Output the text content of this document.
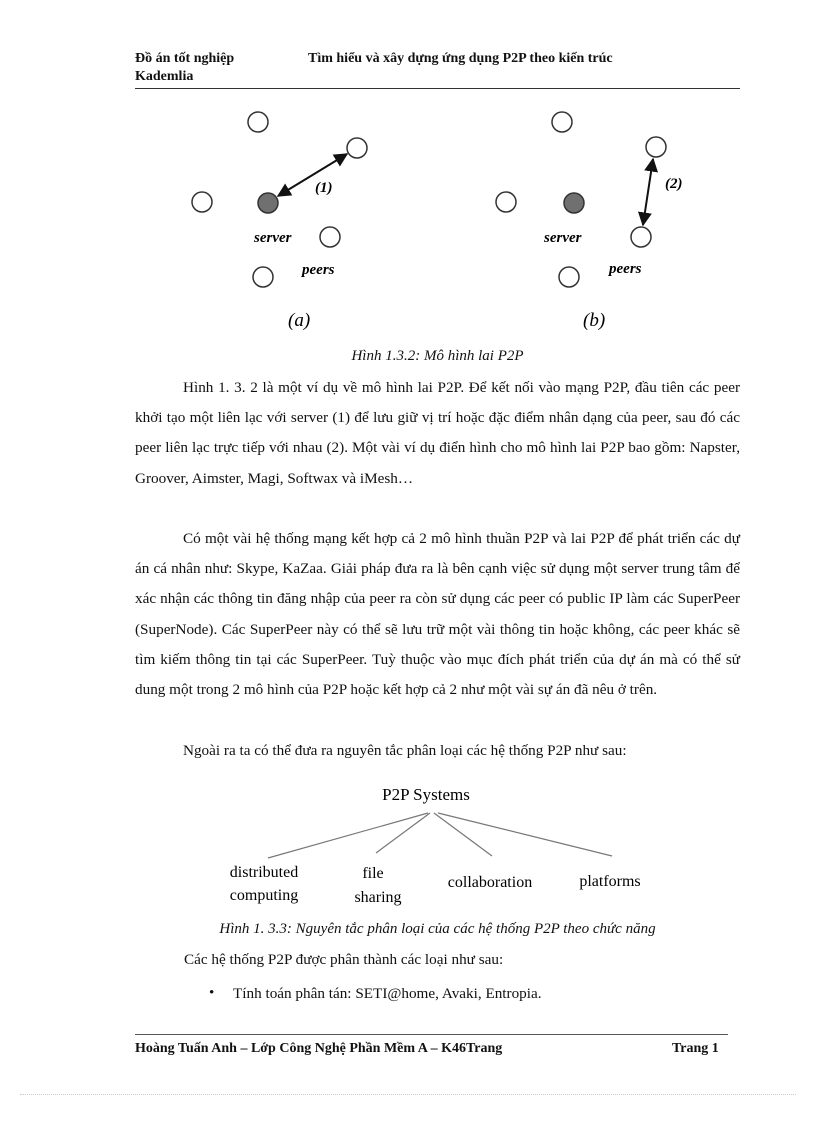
Đồ án tốt nghiệp	Tìm hiểu và xây dựng ứng dụng P2P theo kiến trúc
Kademlia
(1)
server
peers
(a)
(2)
server
peers
(b)
Hình 1.3.2: Mô hình lai P2P
Hình 1. 3. 2 là một ví dụ về mô hình lai P2P. Để kết nối vào mạng P2P, đầu tiên các peer khởi tạo một liên lạc với server (1) để lưu giữ vị trí hoặc đặc điểm nhân dạng của peer, sau đó các peer liên lạc trực tiếp với nhau (2). Một vài ví dụ điển hình cho mô hình lai P2P bao gồm: Napster, Groover, Aimster, Magi, Softwax và iMesh…
Có một vài hệ thống mạng kết hợp cả 2 mô hình thuần P2P và lai P2P để phát triển các dự án cá nhân như: Skype, KaZaa. Giải pháp đưa ra là bên cạnh việc sử dụng một server trung tâm để xác nhận các thông tin đăng nhập của peer ra còn sử dụng các peer có public IP làm các SuperPeer (SuperNode). Các SuperPeer này có thể sẽ lưu trữ một vài thông tin hoặc không, các peer khác sẽ tìm kiếm thông tin tại các SuperPeer. Tuỳ thuộc vào mục đích phát triển của dự án mà có thể sử dung một trong 2 mô hình của P2P hoặc kết hợp cả 2 như một vài sự án đã nêu ở trên.
Ngoài ra ta có thể đưa ra nguyên tắc phân loại các hệ thống P2P như sau:
P2P Systems
distributed
computing
file
sharing
collaboration	platforms
Hình 1. 3.3: Nguyên tắc phân loại của các hệ thống P2P theo chức năng
Các hệ thống P2P được phân thành các loại như sau:
• Tính toán phân tán: SETI@home, Avaki, Entropia.
Hoàng Tuấn Anh – Lớp Công Nghệ Phần Mềm A – K46Trang	Trang 1
